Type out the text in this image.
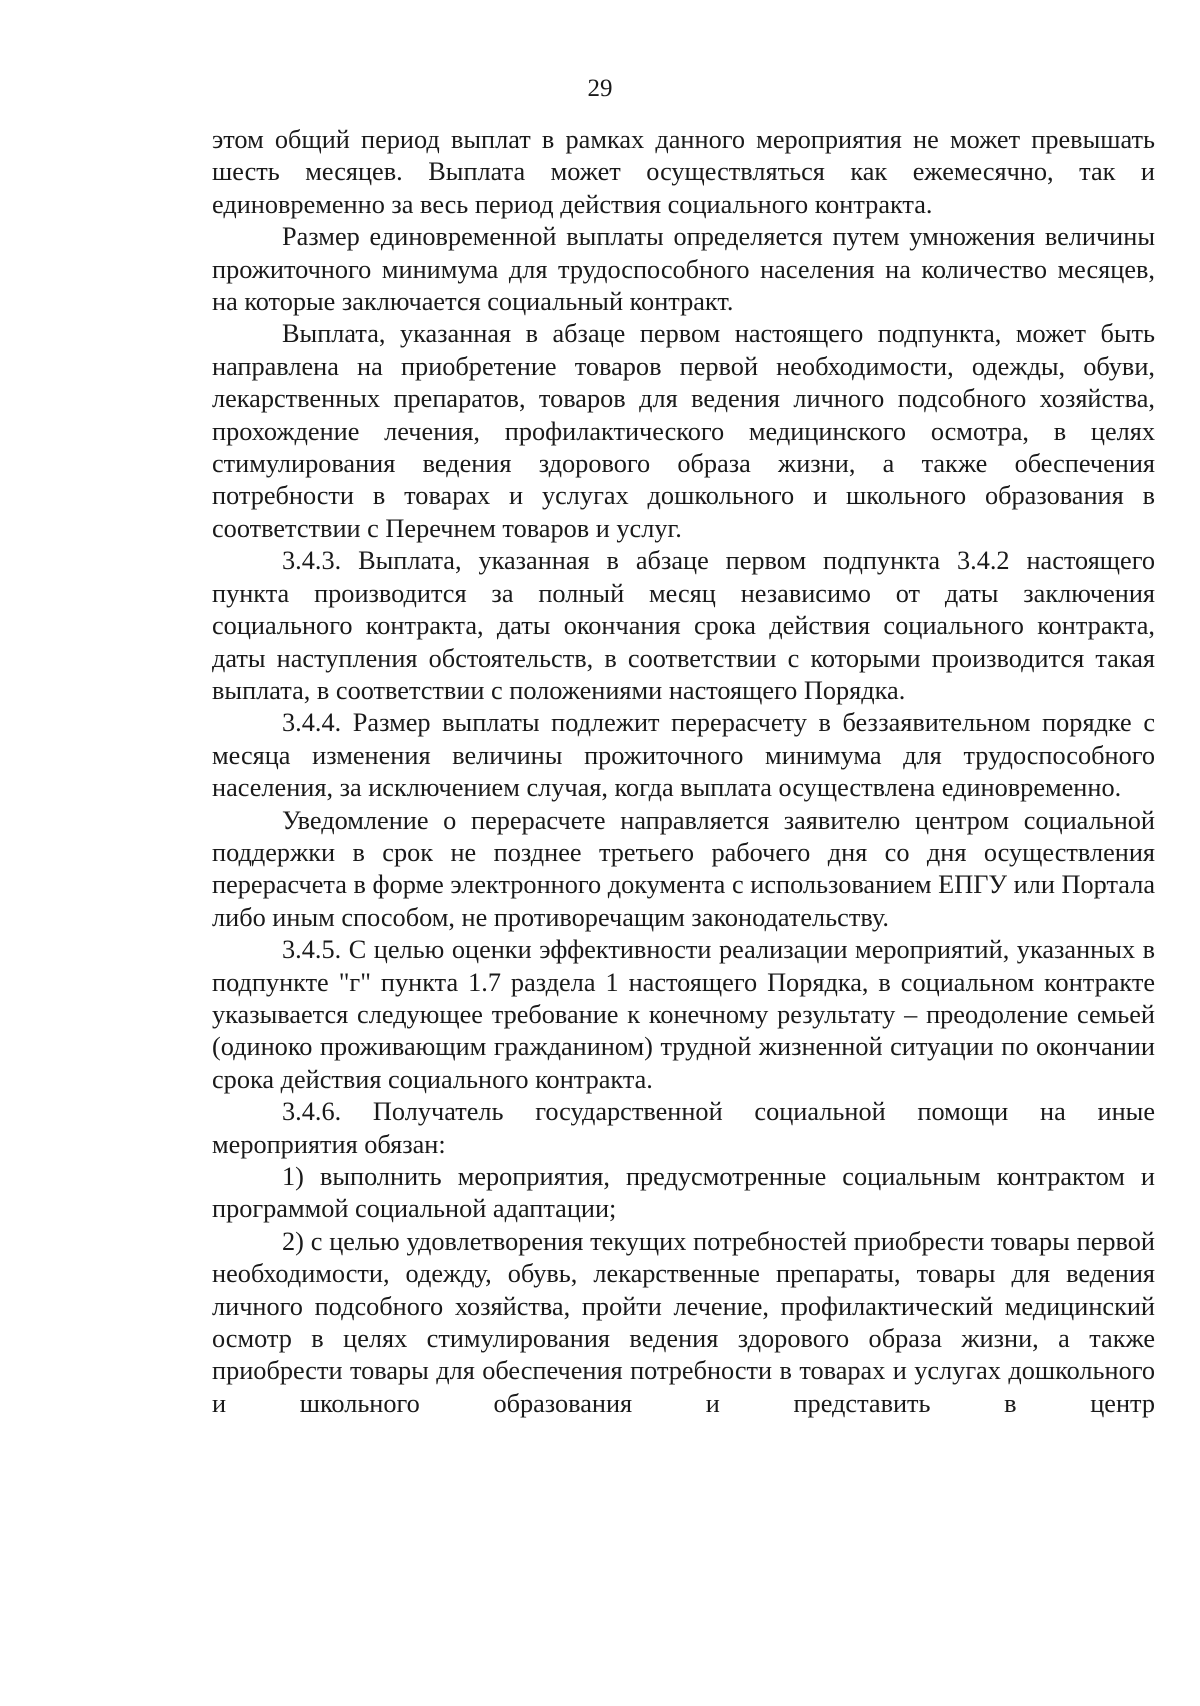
29

этом общий период выплат в рамках данного мероприятия не может превышать шесть месяцев. Выплата может осуществляться как ежемесячно, так и единовременно за весь период действия социального контракта.

Размер единовременной выплаты определяется путем умножения величины прожиточного минимума для трудоспособного населения на количество месяцев, на которые заключается социальный контракт.

Выплата, указанная в абзаце первом настоящего подпункта, может быть направлена на приобретение товаров первой необходимости, одежды, обуви, лекарственных препаратов, товаров для ведения личного подсобного хозяйства, прохождение лечения, профилактического медицинского осмотра, в целях стимулирования ведения здорового образа жизни, а также обеспечения потребности в товарах и услугах дошкольного и школьного образования в соответствии с Перечнем товаров и услуг.

3.4.3. Выплата, указанная в абзаце первом подпункта 3.4.2 настоящего пункта производится за полный месяц независимо от даты заключения социального контракта, даты окончания срока действия социального контракта, даты наступления обстоятельств, в соответствии с которыми производится такая выплата, в соответствии с положениями настоящего Порядка.

3.4.4. Размер выплаты подлежит перерасчету в беззаявительном порядке с месяца изменения величины прожиточного минимума для трудоспособного населения, за исключением случая, когда выплата осуществлена единовременно.

Уведомление о перерасчете направляется заявителю центром социальной поддержки в срок не позднее третьего рабочего дня со дня осуществления перерасчета в форме электронного документа с использованием ЕПГУ или Портала либо иным способом, не противоречащим законодательству.

3.4.5. С целью оценки эффективности реализации мероприятий, указанных в подпункте "г" пункта 1.7 раздела 1 настоящего Порядка, в социальном контракте указывается следующее требование к конечному результату – преодоление семьей (одиноко проживающим гражданином) трудной жизненной ситуации по окончании срока действия социального контракта.

3.4.6. Получатель государственной социальной помощи на иные мероприятия обязан:

1) выполнить мероприятия, предусмотренные социальным контрактом и программой социальной адаптации;

2) с целью удовлетворения текущих потребностей приобрести товары первой необходимости, одежду, обувь, лекарственные препараты, товары для ведения личного подсобного хозяйства, пройти лечение, профилактический медицинский осмотр в целях стимулирования ведения здорового образа жизни, а также приобрести товары для обеспечения потребности в товарах и услугах дошкольного и школьного образования и представить в центр
